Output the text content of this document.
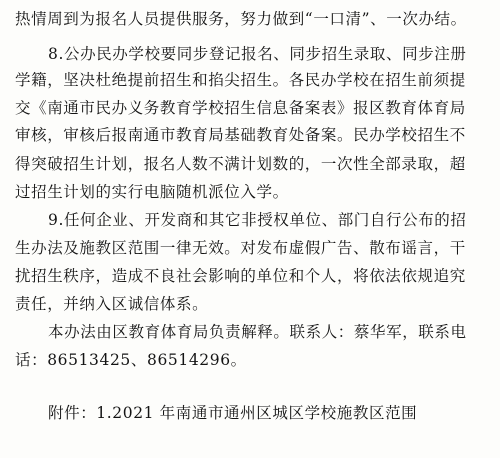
热情周到为报名人员提供服务，努力做到“一口清”、一次办结。
8.公办民办学校要同步登记报名、同步招生录取、同步注册
学籍，坚决杜绝提前招生和掐尖招生。各民办学校在招生前须提
交《南通市民办义务教育学校招生信息备案表》报区教育体育局
审核，审核后报南通市教育局基础教育处备案。民办学校招生不
得突破招生计划，报名人数不满计划数的，一次性全部录取，超
过招生计划的实行电脑随机派位入学。
9.任何企业、开发商和其它非授权单位、部门自行公布的招
生办法及施教区范围一律无效。对发布虚假广告、散布谣言，干
扰招生秩序，造成不良社会影响的单位和个人，将依法依规追究
责任，并纳入区诚信体系。
本办法由区教育体育局负责解释。联系人：蔡华军，联系电
话：86513425、86514296。
附件：1.2021 年南通市通州区城区学校施教区范围
